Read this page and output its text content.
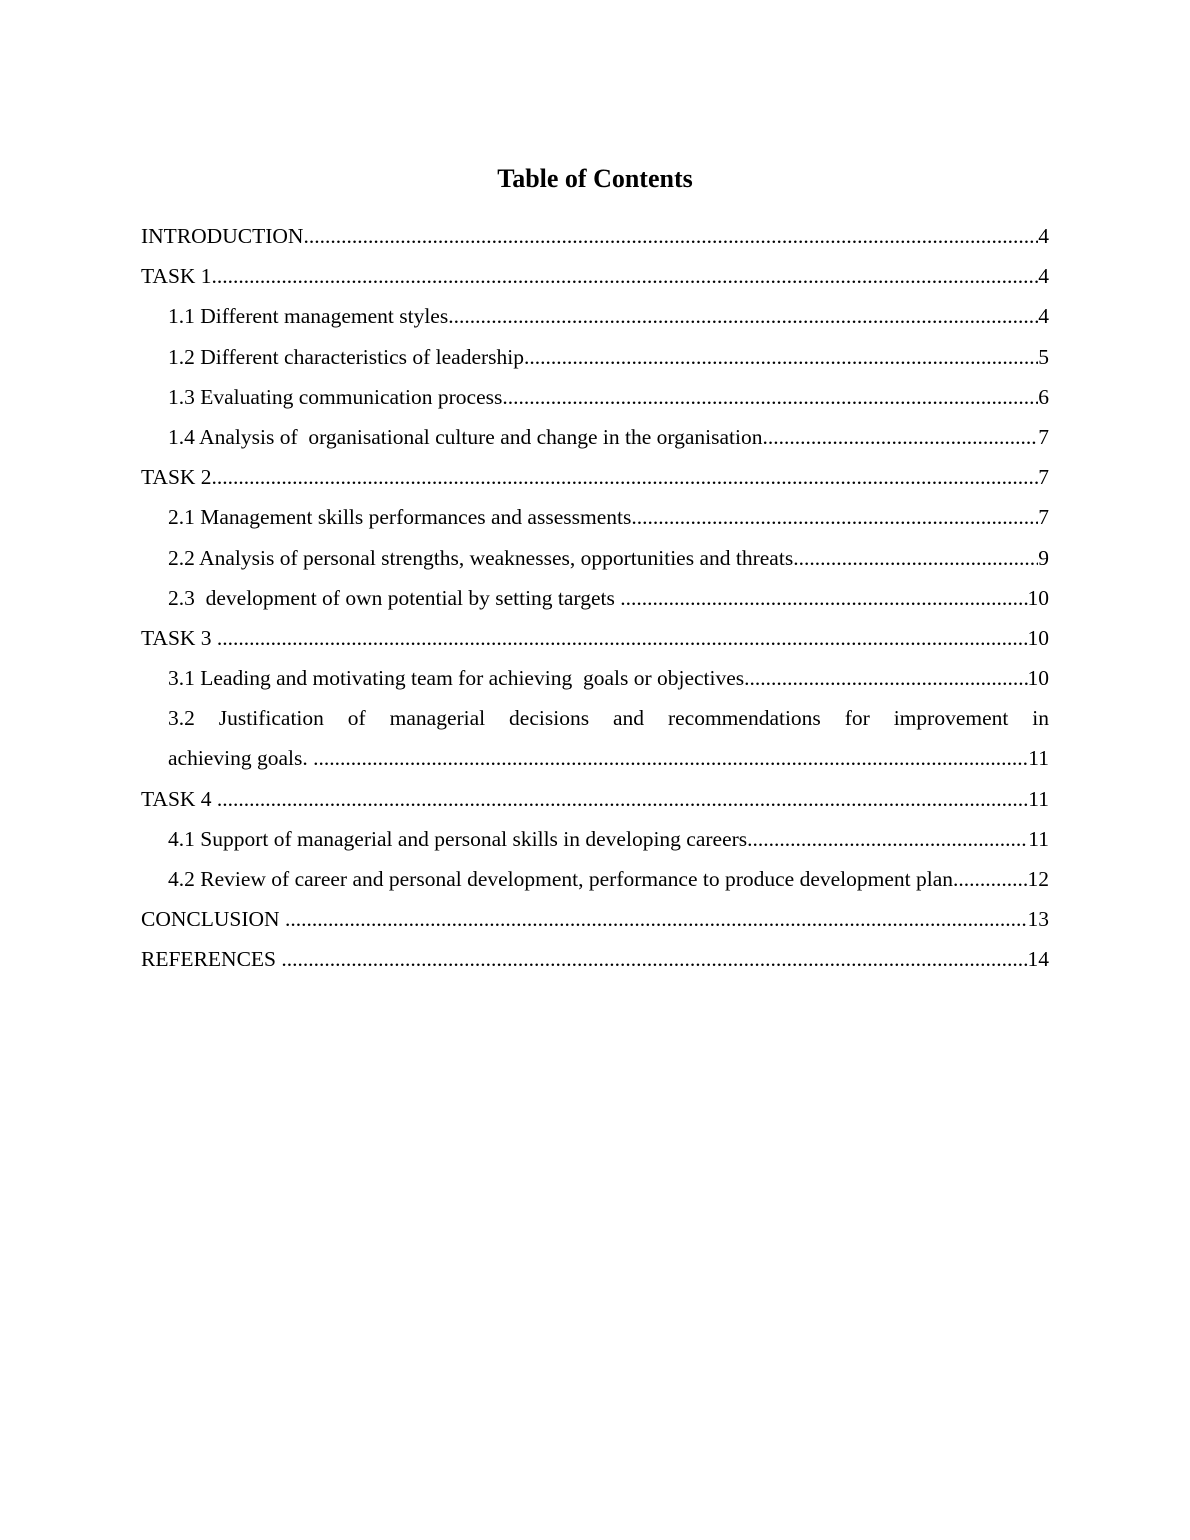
Table of Contents
INTRODUCTION .....	4
TASK 1 .....	4
1.1 Different management styles .....	4
1.2 Different characteristics of leadership .....	5
1.3 Evaluating communication process .....	6
1.4 Analysis of  organisational culture and change in the organisation .....	7
TASK 2 .....	7
2.1 Management skills performances and assessments .....	7
2.2 Analysis of personal strengths, weaknesses, opportunities and threats .....	9
2.3  development of own potential by setting targets .....	10
TASK 3 .....	10
3.1 Leading and motivating team for achieving  goals or objectives .....	10
3.2 Justification of managerial decisions and recommendations for improvement in
achieving goals. .....	11
TASK 4 .....	11
4.1 Support of managerial and personal skills in developing careers .....	11
4.2 Review of career and personal development, performance to produce development plan. .....	12
CONCLUSION .....	13
REFERENCES .....	14
